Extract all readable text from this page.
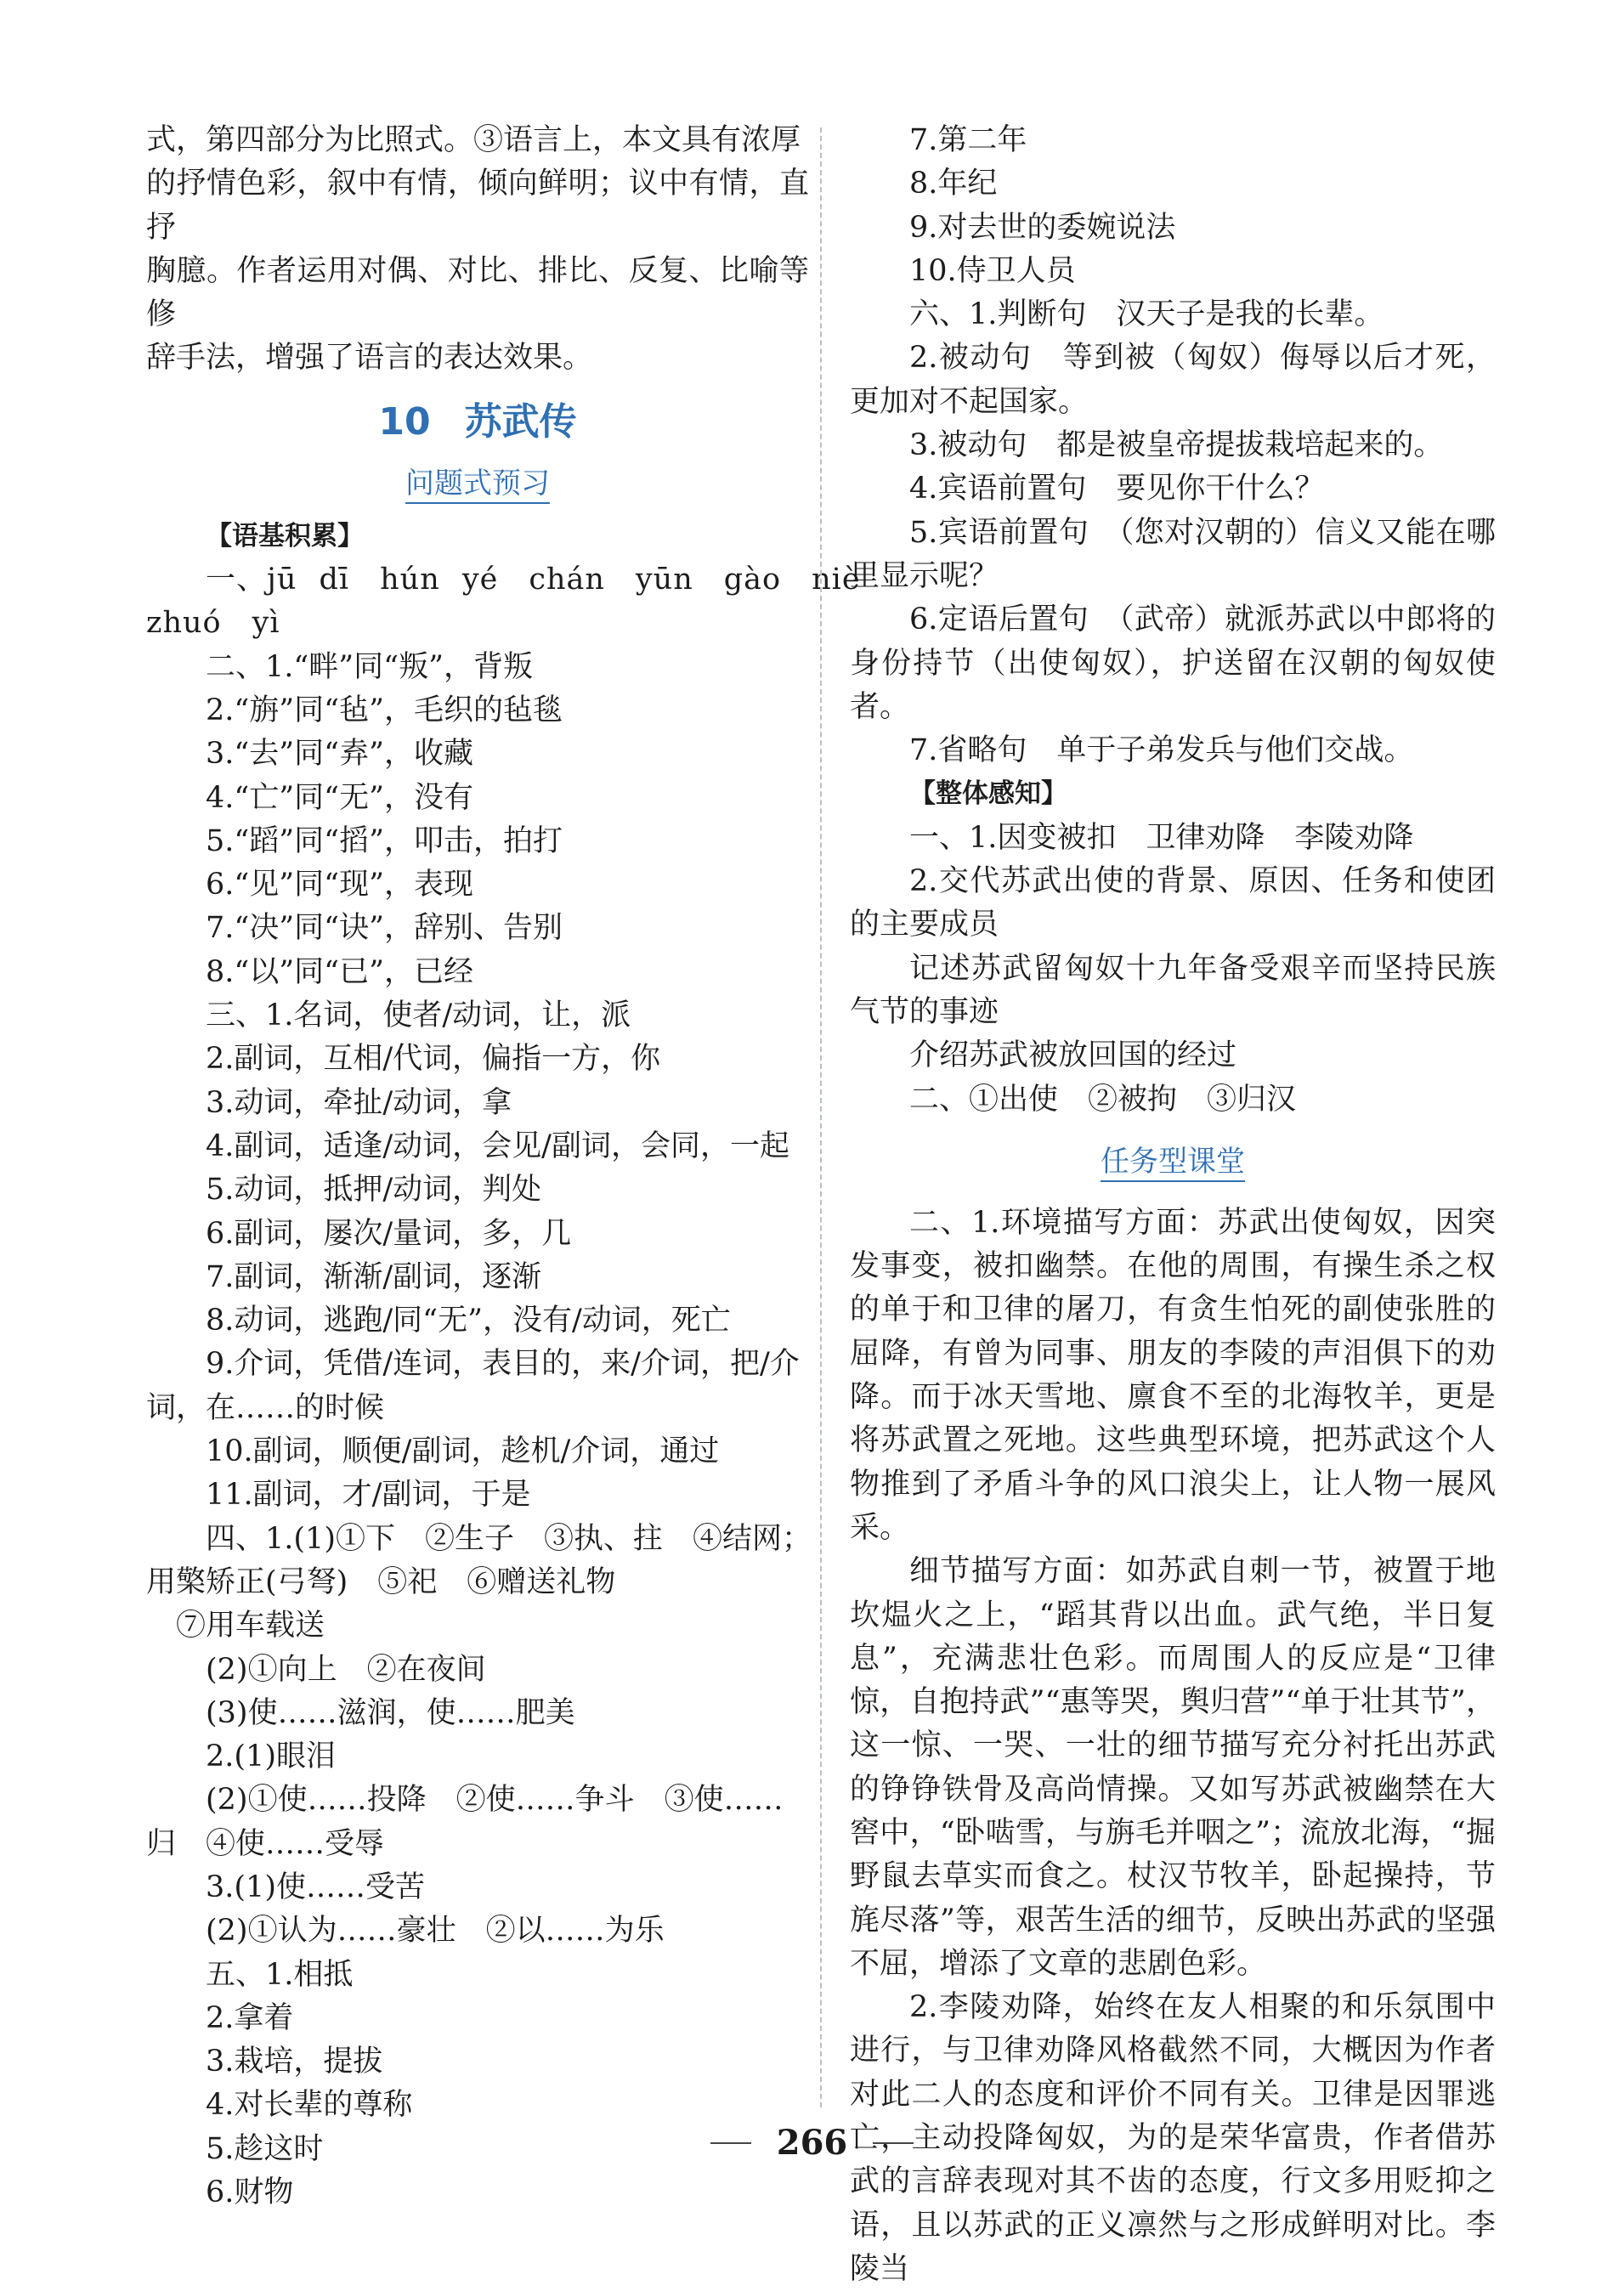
式，第四部分为比照式。③语言上，本文具有浓厚
的抒情色彩，叙中有情，倾向鲜明；议中有情，直抒
胸臆。作者运用对偶、对比、排比、反复、比喻等修
辞手法，增强了语言的表达效果。
10 苏武传
问题式预习
【语基积累】
一、jū dī　hún yé　chán　yūn　gào　niè
zhuó　yì
二、1.“畔”同“叛”，背叛
2.“旃”同“毡”，毛织的毡毯
3.“去”同“弆”，收藏
4.“亡”同“无”，没有
5.“蹈”同“搯”，叩击，拍打
6.“见”同“现”，表现
7.“决”同“诀”，辞别、告别
8.“以”同“已”，已经
三、1.名词，使者/动词，让，派
2.副词，互相/代词，偏指一方，你
3.动词，牵扯/动词，拿
4.副词，适逢/动词，会见/副词，会同，一起
5.动词，抵押/动词，判处
6.副词，屡次/量词，多，几
7.副词，渐渐/副词，逐渐
8.动词，逃跑/同“无”，没有/动词，死亡
9.介词，凭借/连词，表目的，来/介词，把/介
词，在……的时候
10.副词，顺便/副词，趁机/介词，通过
11.副词，才/副词，于是
四、1.(1)①下　②生子　③执、拄　④结网；
用檠矫正(弓弩)　⑤祀　⑥赠送礼物
⑦用车载送
(2)①向上　②在夜间
(3)使……滋润，使……肥美
2.(1)眼泪
(2)①使……投降　②使……争斗　③使……
归　④使……受辱
3.(1)使……受苦
(2)①认为……豪壮　②以……为乐
五、1.相抵
2.拿着
3.栽培，提拔
4.对长辈的尊称
5.趁这时
6.财物
7.第二年
8.年纪
9.对去世的委婉说法
10.侍卫人员
六、1.判断句　汉天子是我的长辈。
2.被动句　等到被（匈奴）侮辱以后才死，更加对不起国家。
3.被动句　都是被皇帝提拔栽培起来的。
4.宾语前置句　要见你干什么？
5.宾语前置句　（您对汉朝的）信义又能在哪里显示呢？
6.定语后置句　（武帝）就派苏武以中郎将的身份持节（出使匈奴），护送留在汉朝的匈奴使者。
7.省略句　单于子弟发兵与他们交战。
【整体感知】
一、1.因变被扣　卫律劝降　李陵劝降
2.交代苏武出使的背景、原因、任务和使团的主要成员
记述苏武留匈奴十九年备受艰辛而坚持民族气节的事迹
介绍苏武被放回国的经过
二、①出使　②被拘　③归汉
任务型课堂
二、1.环境描写方面：苏武出使匈奴，因突发事变，被扣幽禁。在他的周围，有操生杀之权的单于和卫律的屠刀，有贪生怕死的副使张胜的屈降，有曾为同事、朋友的李陵的声泪俱下的劝降。而于冰天雪地、廪食不至的北海牧羊，更是将苏武置之死地。这些典型环境，把苏武这个人物推到了矛盾斗争的风口浪尖上，让人物一展风采。
细节描写方面：如苏武自刺一节，被置于地坎煴火之上，“蹈其背以出血。武气绝，半日复息”，充满悲壮色彩。而周围人的反应是“卫律惊，自抱持武”“惠等哭，舆归营”“单于壮其节”，这一惊、一哭、一壮的细节描写充分衬托出苏武的铮铮铁骨及高尚情操。又如写苏武被幽禁在大窖中，“卧啮雪，与旃毛并咽之”；流放北海，“掘野鼠去草实而食之。杖汉节牧羊，卧起操持，节旄尽落”等，艰苦生活的细节，反映出苏武的坚强不屈，增添了文章的悲剧色彩。
2.李陵劝降，始终在友人相聚的和乐氛围中进行，与卫律劝降风格截然不同，大概因为作者对此二人的态度和评价不同有关。卫律是因罪逃亡，主动投降匈奴，为的是荣华富贵，作者借苏武的言辞表现对其不齿的态度，行文多用贬抑之语，且以苏武的正义凛然与之形成鲜明对比。李陵当
266
